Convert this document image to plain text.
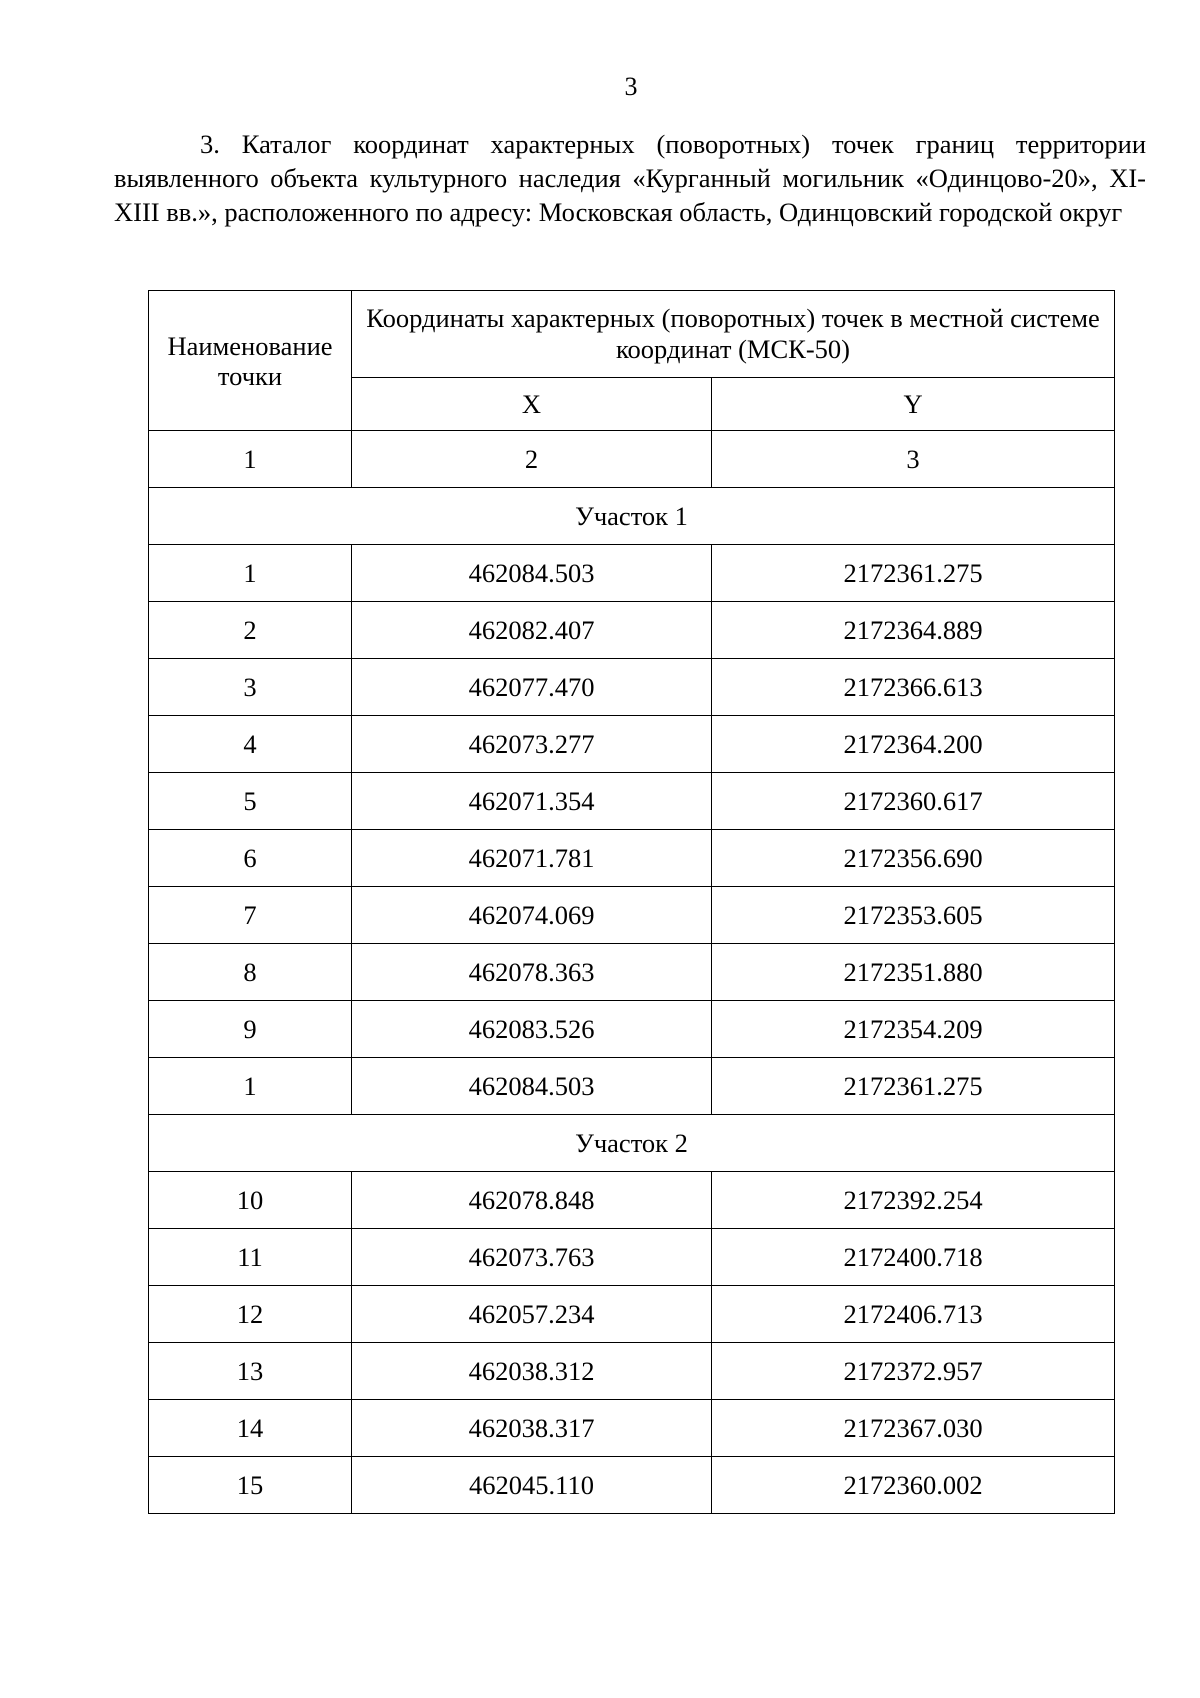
3

3. Каталог координат характерных (поворотных) точек границ территории выявленного объекта культурного наследия «Курганный могильник «Одинцово-20», XI-XIII вв.», расположенного по адресу: Московская область, Одинцовский городской округ

Наименование точки	Координаты характерных (поворотных) точек в местной системе координат (МСК-50)	
	X	Y
1	2	3
Участок 1		
1	462084.503	2172361.275
2	462082.407	2172364.889
3	462077.470	2172366.613
4	462073.277	2172364.200
5	462071.354	2172360.617
6	462071.781	2172356.690
7	462074.069	2172353.605
8	462078.363	2172351.880
9	462083.526	2172354.209
1	462084.503	2172361.275
Участок 2		
10	462078.848	2172392.254
11	462073.763	2172400.718
12	462057.234	2172406.713
13	462038.312	2172372.957
14	462038.317	2172367.030
15	462045.110	2172360.002
